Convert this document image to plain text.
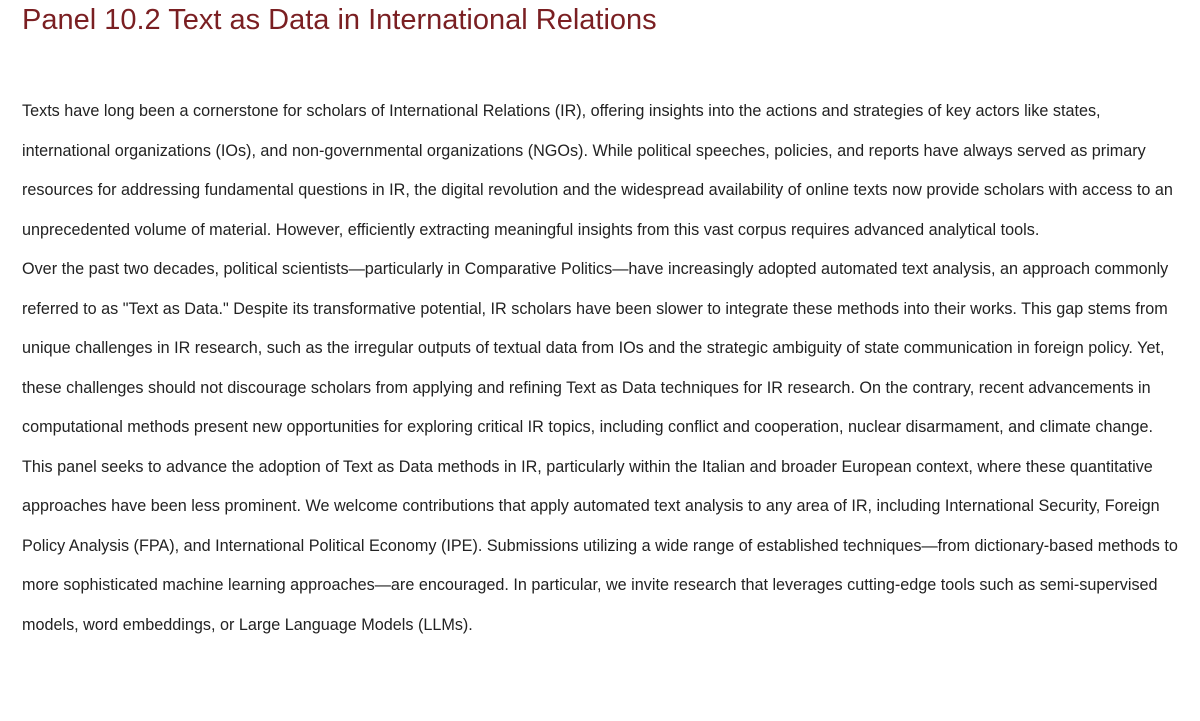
Panel 10.2 Text as Data in International Relations

Texts have long been a cornerstone for scholars of International Relations (IR), offering insights into the actions and strategies of key actors like states, international organizations (IOs), and non-governmental organizations (NGOs). While political speeches, policies, and reports have always served as primary resources for addressing fundamental questions in IR, the digital revolution and the widespread availability of online texts now provide scholars with access to an unprecedented volume of material. However, efficiently extracting meaningful insights from this vast corpus requires advanced analytical tools.

Over the past two decades, political scientists—particularly in Comparative Politics—have increasingly adopted automated text analysis, an approach commonly referred to as "Text as Data." Despite its transformative potential, IR scholars have been slower to integrate these methods into their works. This gap stems from unique challenges in IR research, such as the irregular outputs of textual data from IOs and the strategic ambiguity of state communication in foreign policy. Yet, these challenges should not discourage scholars from applying and refining Text as Data techniques for IR research. On the contrary, recent advancements in computational methods present new opportunities for exploring critical IR topics, including conflict and cooperation, nuclear disarmament, and climate change.

This panel seeks to advance the adoption of Text as Data methods in IR, particularly within the Italian and broader European context, where these quantitative approaches have been less prominent. We welcome contributions that apply automated text analysis to any area of IR, including International Security, Foreign Policy Analysis (FPA), and International Political Economy (IPE). Submissions utilizing a wide range of established techniques—from dictionary-based methods to more sophisticated machine learning approaches—are encouraged. In particular, we invite research that leverages cutting-edge tools such as semi-supervised models, word embeddings, or Large Language Models (LLMs).
